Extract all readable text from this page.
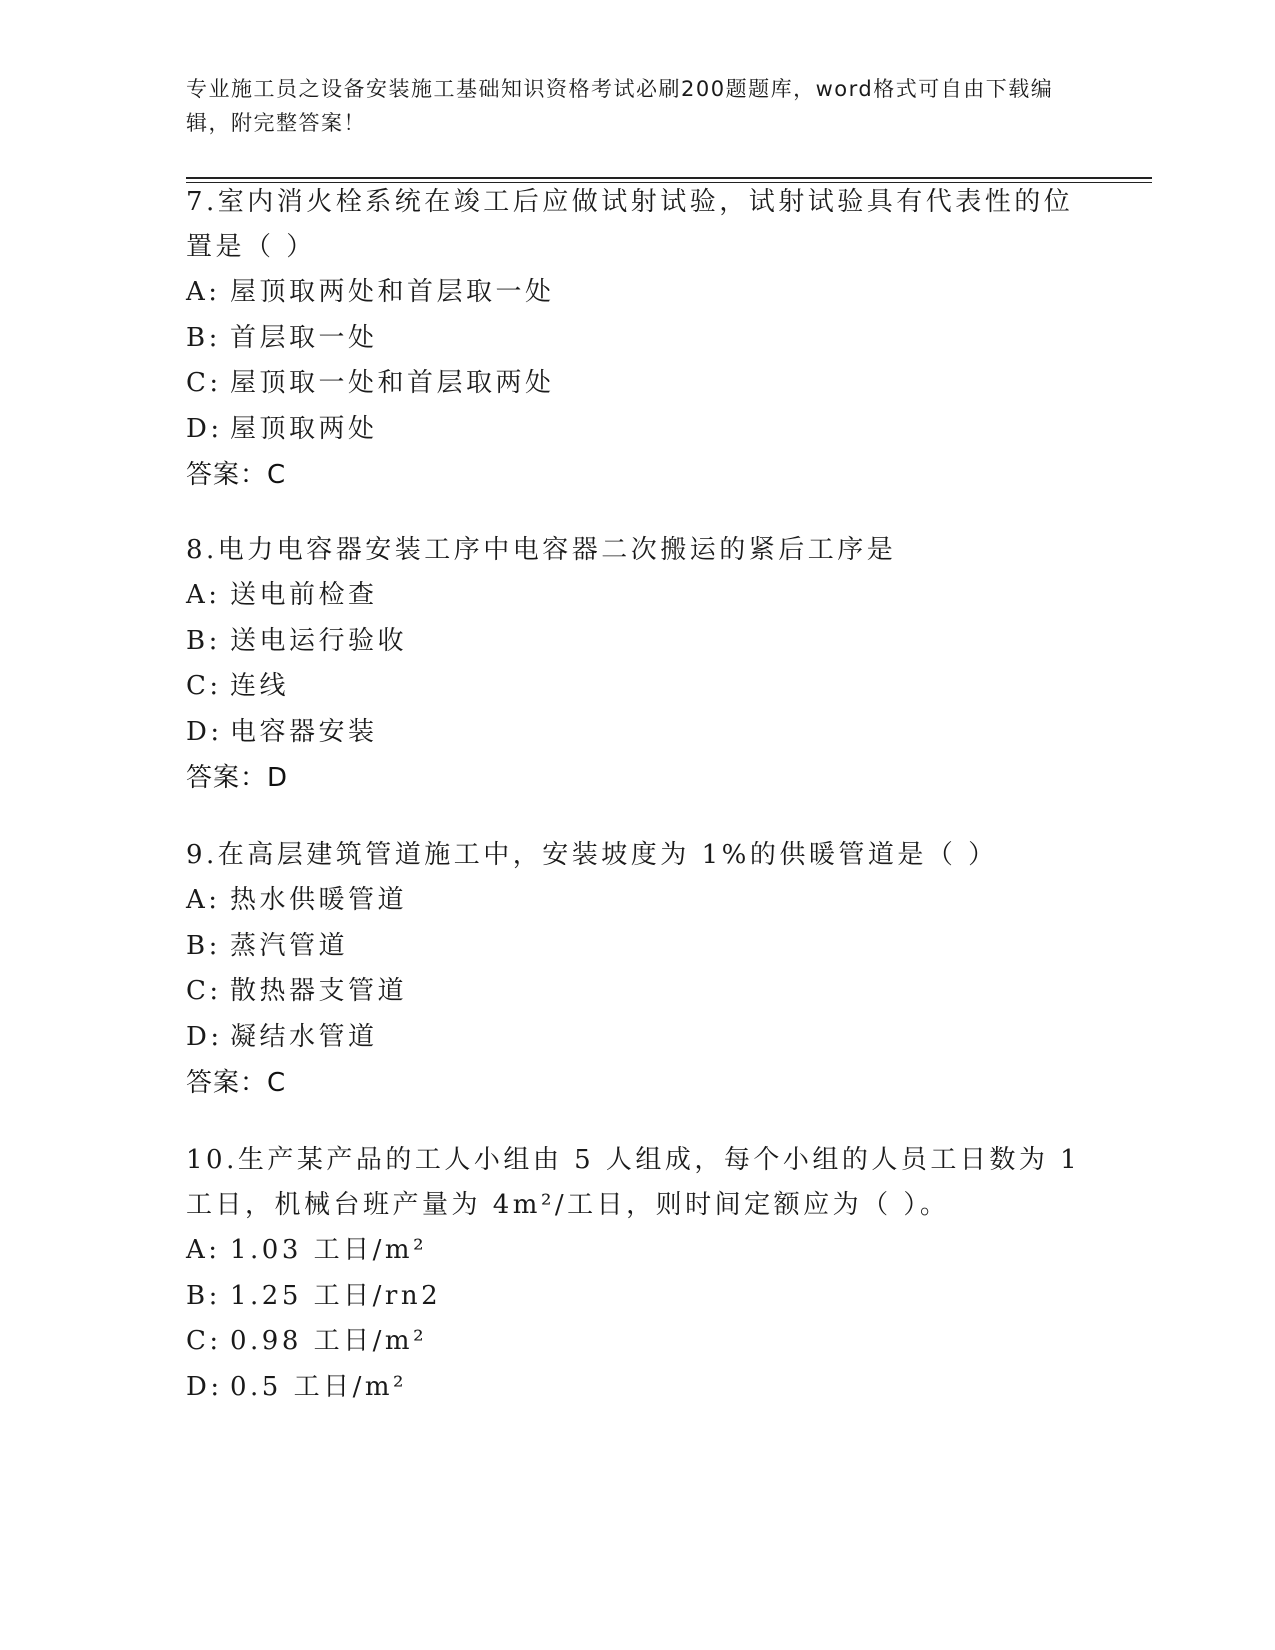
专业施工员之设备安装施工基础知识资格考试必刷200题题库，word格式可自由下载编辑，附完整答案！

7.室内消火栓系统在竣工后应做试射试验，试射试验具有代表性的位置是（ ）

A: 屋顶取两处和首层取一处

B: 首层取一处

C: 屋顶取一处和首层取两处

D: 屋顶取两处

答案：C

8.电力电容器安装工序中电容器二次搬运的紧后工序是

A: 送电前检查

B: 送电运行验收

C: 连线

D: 电容器安装

答案：D

9.在高层建筑管道施工中，安装坡度为 1%的供暖管道是（ ）

A: 热水供暖管道

B: 蒸汽管道

C: 散热器支管道

D: 凝结水管道

答案：C

10.生产某产品的工人小组由 5 人组成，每个小组的人员工日数为 1 工日，机械台班产量为 4m²/工日，则时间定额应为（ ）。

A: 1.03 工日/m²

B: 1.25 工日/rn2

C: 0.98 工日/m²

D: 0.5 工日/m²
